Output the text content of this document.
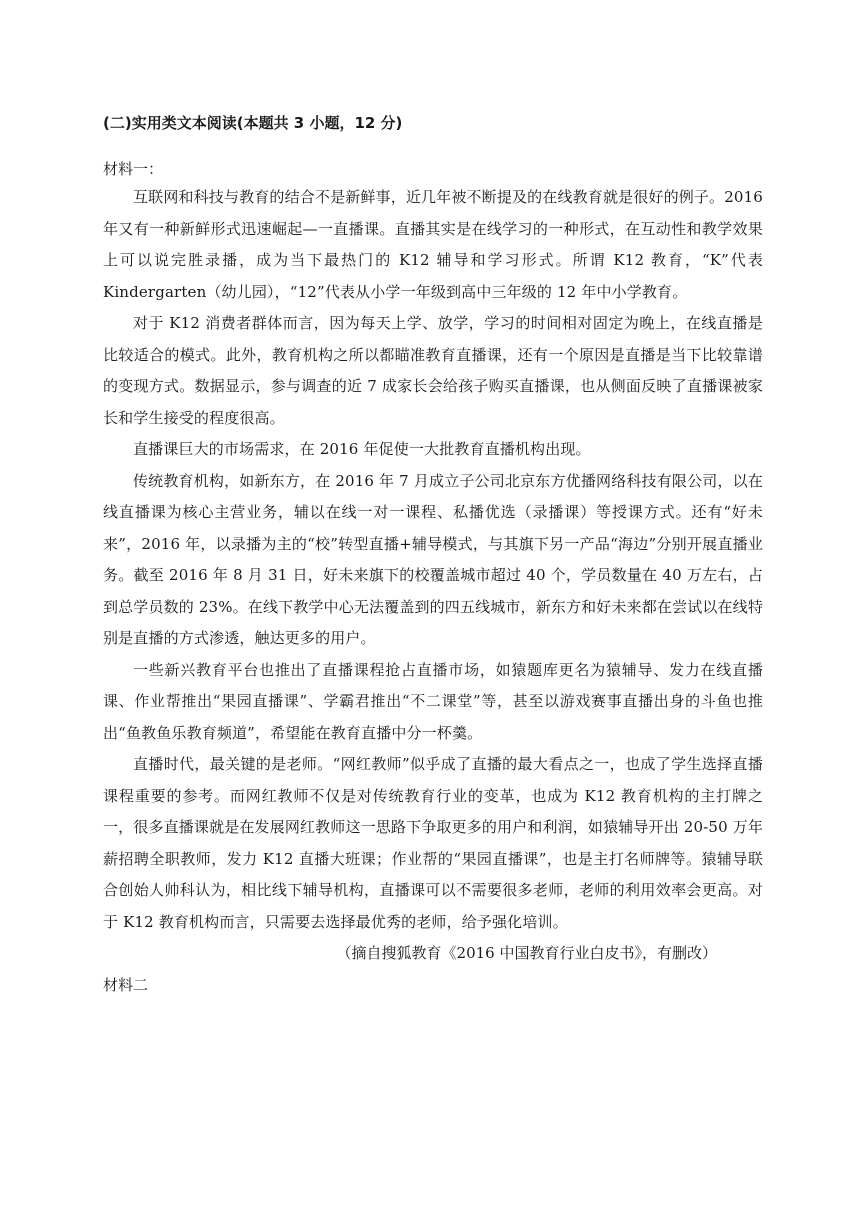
(二)实用类文本阅读(本题共 3 小题，12 分)
材料一：

互联网和科技与教育的结合不是新鲜事，近几年被不断提及的在线教育就是很好的例子。2016 年又有一种新鲜形式迅速崛起—一直播课。直播其实是在线学习的一种形式，在互动性和教学效果上可以说完胜录播，成为当下最热门的 K12 辅导和学习形式。所谓 K12 教育，“K”代表 Kindergarten（幼儿园），“12”代表从小学一年级到高中三年级的 12 年中小学教育。

对于 K12 消费者群体而言，因为每天上学、放学，学习的时间相对固定为晚上，在线直播是比较适合的模式。此外，教育机构之所以都瞄准教育直播课，还有一个原因是直播是当下比较靠谱的变现方式。数据显示，参与调查的近 7 成家长会给孩子购买直播课，也从侧面反映了直播课被家长和学生接受的程度很高。

直播课巨大的市场需求，在 2016 年促使一大批教育直播机构出现。

传统教育机构，如新东方，在 2016 年 7 月成立子公司北京东方优播网络科技有限公司，以在线直播课为核心主营业务，辅以在线一对一课程、私播优选（录播课）等授课方式。还有“好未来”，2016 年，以录播为主的“校”转型直播+辅导模式，与其旗下另一产品“海边”分别开展直播业务。截至 2016 年 8 月 31 日，好未来旗下的校覆盖城市超过 40 个，学员数量在 40 万左右，占到总学员数的 23%。在线下教学中心无法覆盖到的四五线城市，新东方和好未来都在尝试以在线特别是直播的方式渗透，触达更多的用户。

一些新兴教育平台也推出了直播课程抢占直播市场，如猿题库更名为猿辅导、发力在线直播课、作业帮推出“果园直播课”、学霸君推出“不二课堂”等，甚至以游戏赛事直播出身的斗鱼也推出“鱼教鱼乐教育频道”，希望能在教育直播中分一杯羹。

直播时代，最关键的是老师。“网红教师”似乎成了直播的最大看点之一，也成了学生选择直播课程重要的参考。而网红教师不仅是对传统教育行业的变革，也成为 K12 教育机构的主打牌之一，很多直播课就是在发展网红教师这一思路下争取更多的用户和利润，如猿辅导开出 20-50 万年薪招聘全职教师，发力 K12 直播大班课；作业帮的“果园直播课”，也是主打名师牌等。猿辅导联合创始人帅科认为，相比线下辅导机构，直播课可以不需要很多老师，老师的利用效率会更高。对于 K12 教育机构而言，只需要去选择最优秀的老师，给予强化培训。

（摘自搜狐教育《2016 中国教育行业白皮书》，有删改）

材料二
